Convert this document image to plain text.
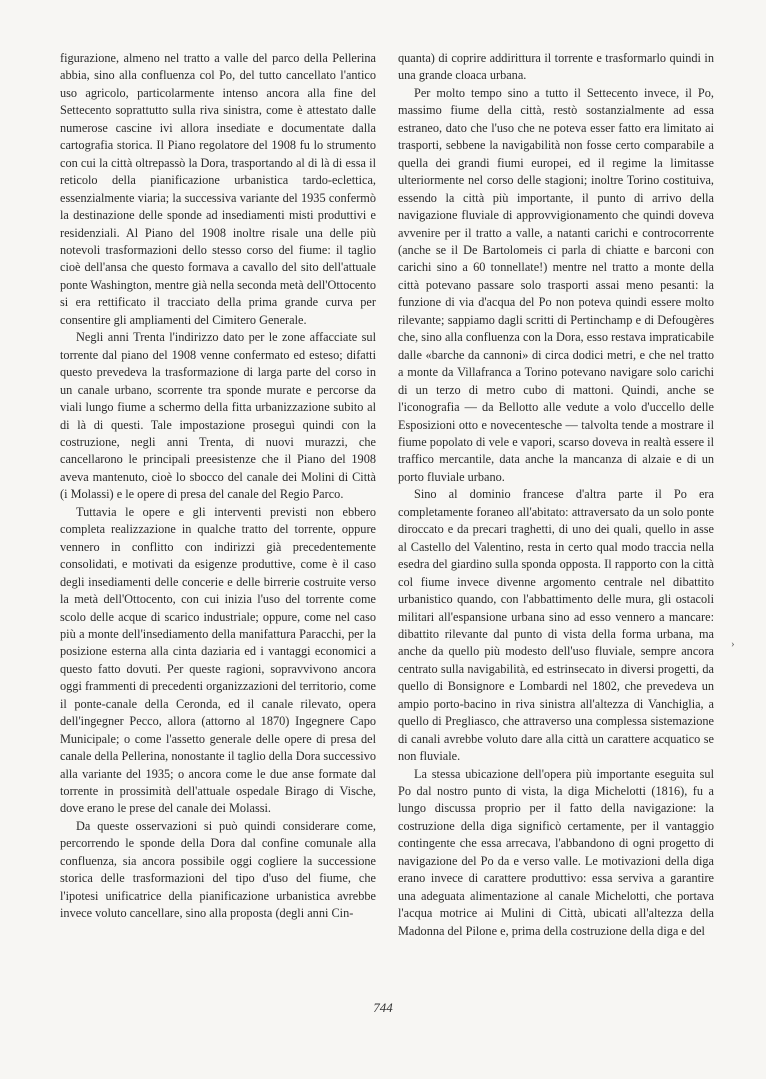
figurazione, almeno nel tratto a valle del parco della Pellerina abbia, sino alla confluenza col Po, del tutto cancellato l'antico uso agricolo, particolarmente intenso ancora alla fine del Settecento soprattutto sulla riva sinistra, come è attestato dalle numerose cascine ivi allora insediate e documentate dalla cartografia storica. Il Piano regolatore del 1908 fu lo strumento con cui la città oltrepassò la Dora, trasportando al di là di essa il reticolo della pianificazione urbanistica tardo-eclettica, essenzialmente viaria; la successiva variante del 1935 confermò la destinazione delle sponde ad insediamenti misti produttivi e residenziali. Al Piano del 1908 inoltre risale una delle più notevoli trasformazioni dello stesso corso del fiume: il taglio cioè dell'ansa che questo formava a cavallo del sito dell'attuale ponte Washington, mentre già nella seconda metà dell'Ottocento si era rettificato il tracciato della prima grande curva per consentire gli ampliamenti del Cimitero Generale.

Negli anni Trenta l'indirizzo dato per le zone affacciate sul torrente dal piano del 1908 venne confermato ed esteso; difatti questo prevedeva la trasformazione di larga parte del corso in un canale urbano, scorrente tra sponde murate e percorse da viali lungo fiume a schermo della fitta urbanizzazione subito al di là di questi. Tale impostazione proseguì quindi con la costruzione, negli anni Trenta, di nuovi murazzi, che cancellarono le principali preesistenze che il Piano del 1908 aveva mantenuto, cioè lo sbocco del canale dei Molini di Città (i Molassi) e le opere di presa del canale del Regio Parco.

Tuttavia le opere e gli interventi previsti non ebbero completa realizzazione in qualche tratto del torrente, oppure vennero in conflitto con indirizzi già precedentemente consolidati, e motivati da esigenze produttive, come è il caso degli insediamenti delle concerie e delle birrerie costruite verso la metà dell'Ottocento, con cui inizia l'uso del torrente come scolo delle acque di scarico industriale; oppure, come nel caso più a monte dell'insediamento della manifattura Paracchi, per la posizione esterna alla cinta daziaria ed i vantaggi economici a questo fatto dovuti. Per queste ragioni, sopravvivono ancora oggi frammenti di precedenti organizzazioni del territorio, come il ponte-canale della Ceronda, ed il canale rilevato, opera dell'ingegner Pecco, allora (attorno al 1870) Ingegnere Capo Municipale; o come l'assetto generale delle opere di presa del canale della Pellerina, nonostante il taglio della Dora successivo alla variante del 1935; o ancora come le due anse formate dal torrente in prossimità dell'attuale ospedale Birago di Vische, dove erano le prese del canale dei Molassi.

Da queste osservazioni si può quindi considerare come, percorrendo le sponde della Dora dal confine comunale alla confluenza, sia ancora possibile oggi cogliere la successione storica delle trasformazioni del tipo d'uso del fiume, che l'ipotesi unificatrice della pianificazione urbanistica avrebbe invece voluto cancellare, sino alla proposta (degli anni Cin-

quanta) di coprire addirittura il torrente e trasformarlo quindi in una grande cloaca urbana.

Per molto tempo sino a tutto il Settecento invece, il Po, massimo fiume della città, restò sostanzialmente ad essa estraneo, dato che l'uso che ne poteva esser fatto era limitato ai trasporti, sebbene la navigabilità non fosse certo comparabile a quella dei grandi fiumi europei, ed il regime la limitasse ulteriormente nel corso delle stagioni; inoltre Torino costituiva, essendo la città più importante, il punto di arrivo della navigazione fluviale di approvvigionamento che quindi doveva avvenire per il tratto a valle, a natanti carichi e controcorrente (anche se il De Bartolomeis ci parla di chiatte e barconi con carichi sino a 60 tonnellate!) mentre nel tratto a monte della città potevano passare solo trasporti assai meno pesanti: la funzione di via d'acqua del Po non poteva quindi essere molto rilevante; sappiamo dagli scritti di Pertinchamp e di Defougères che, sino alla confluenza con la Dora, esso restava impraticabile dalle «barche da cannoni» di circa dodici metri, e che nel tratto a monte da Villafranca a Torino potevano navigare solo carichi di un terzo di metro cubo di mattoni. Quindi, anche se l'iconografia — da Bellotto alle vedute a volo d'uccello delle Esposizioni otto e novecentesche — talvolta tende a mostrare il fiume popolato di vele e vapori, scarso doveva in realtà essere il traffico mercantile, data anche la mancanza di alzaie e di un porto fluviale urbano.

Sino al dominio francese d'altra parte il Po era completamente foraneo all'abitato: attraversato da un solo ponte diroccato e da precari traghetti, di uno dei quali, quello in asse al Castello del Valentino, resta in certo qual modo traccia nella esedra del giardino sulla sponda opposta. Il rapporto con la città col fiume invece divenne argomento centrale nel dibattito urbanistico quando, con l'abbattimento delle mura, gli ostacoli militari all'espansione urbana sino ad esso vennero a mancare: dibattito rilevante dal punto di vista della forma urbana, ma anche da quello più modesto dell'uso fluviale, sempre ancora centrato sulla navigabilità, ed estrinsecato in diversi progetti, da quello di Bonsignore e Lombardi nel 1802, che prevedeva un ampio porto-bacino in riva sinistra all'altezza di Vanchiglia, a quello di Pregliasco, che attraverso una complessa sistemazione di canali avrebbe voluto dare alla città un carattere acquatico se non fluviale.

La stessa ubicazione dell'opera più importante eseguita sul Po dal nostro punto di vista, la diga Michelotti (1816), fu a lungo discussa proprio per il fatto della navigazione: la costruzione della diga significò certamente, per il vantaggio contingente che essa arrecava, l'abbandono di ogni progetto di navigazione del Po da e verso valle. Le motivazioni della diga erano invece di carattere produttivo: essa serviva a garantire una adeguata alimentazione al canale Michelotti, che portava l'acqua motrice ai Mulini di Città, ubicati all'altezza della Madonna del Pilone e, prima della costruzione della diga e del

›
744
